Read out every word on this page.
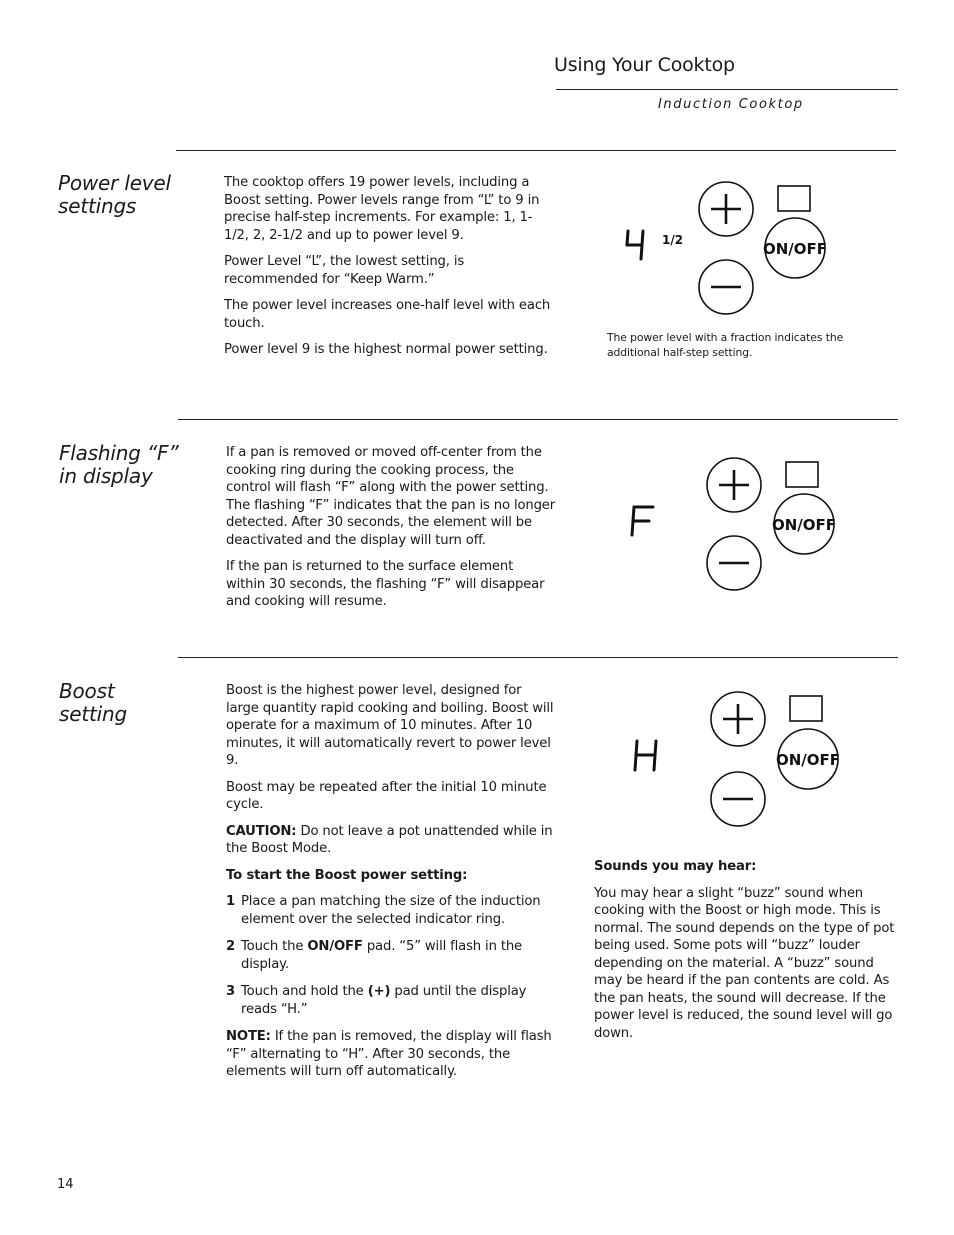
Using Your Cooktop
Induction Cooktop
Power level
settings

The cooktop offers 19 power levels, including a Boost setting. Power levels range from “L” to 9 in precise half-step increments. For example: 1, 1-1/2, 2, 2-1/2 and up to power level 9.

Power Level “L”, the lowest setting, is recommended for “Keep Warm.”

The power level increases one-half level with each touch.

Power level 9 is the highest normal power setting.

1/2	ON/OFF
The power level with a fraction indicates the additional half-step setting.
Flashing “F”
in display

If a pan is removed or moved off-center from the cooking ring during the cooking process, the control will flash “F” along with the power setting. The flashing “F” indicates that the pan is no longer detected. After 30 seconds, the element will be deactivated and the display will turn off.

If the pan is returned to the surface element within 30 seconds, the flashing “F” will disappear and cooking will resume.

ON/OFF
Boost
setting

Boost is the highest power level, designed for large quantity rapid cooking and boiling. Boost will operate for a maximum of 10 minutes. After 10 minutes, it will automatically revert to power level 9.

Boost may be repeated after the initial 10 minute cycle.

CAUTION: Do not leave a pot unattended while in the Boost Mode.

To start the Boost power setting:

1 Place a pan matching the size of the induction element over the selected indicator ring.
2 Touch the ON/OFF pad. “5” will flash in the display.
3 Touch and hold the (+) pad until the display reads “H.”

NOTE: If the pan is removed, the display will flash “F” alternating to “H”. After 30 seconds, the elements will turn off automatically.

ON/OFF

Sounds you may hear:

You may hear a slight “buzz” sound when cooking with the Boost or high mode. This is normal. The sound depends on the type of pot being used. Some pots will “buzz” louder depending on the material. A “buzz” sound may be heard if the pan contents are cold. As the pan heats, the sound will decrease. If the power level is reduced, the sound level will go down.

14
